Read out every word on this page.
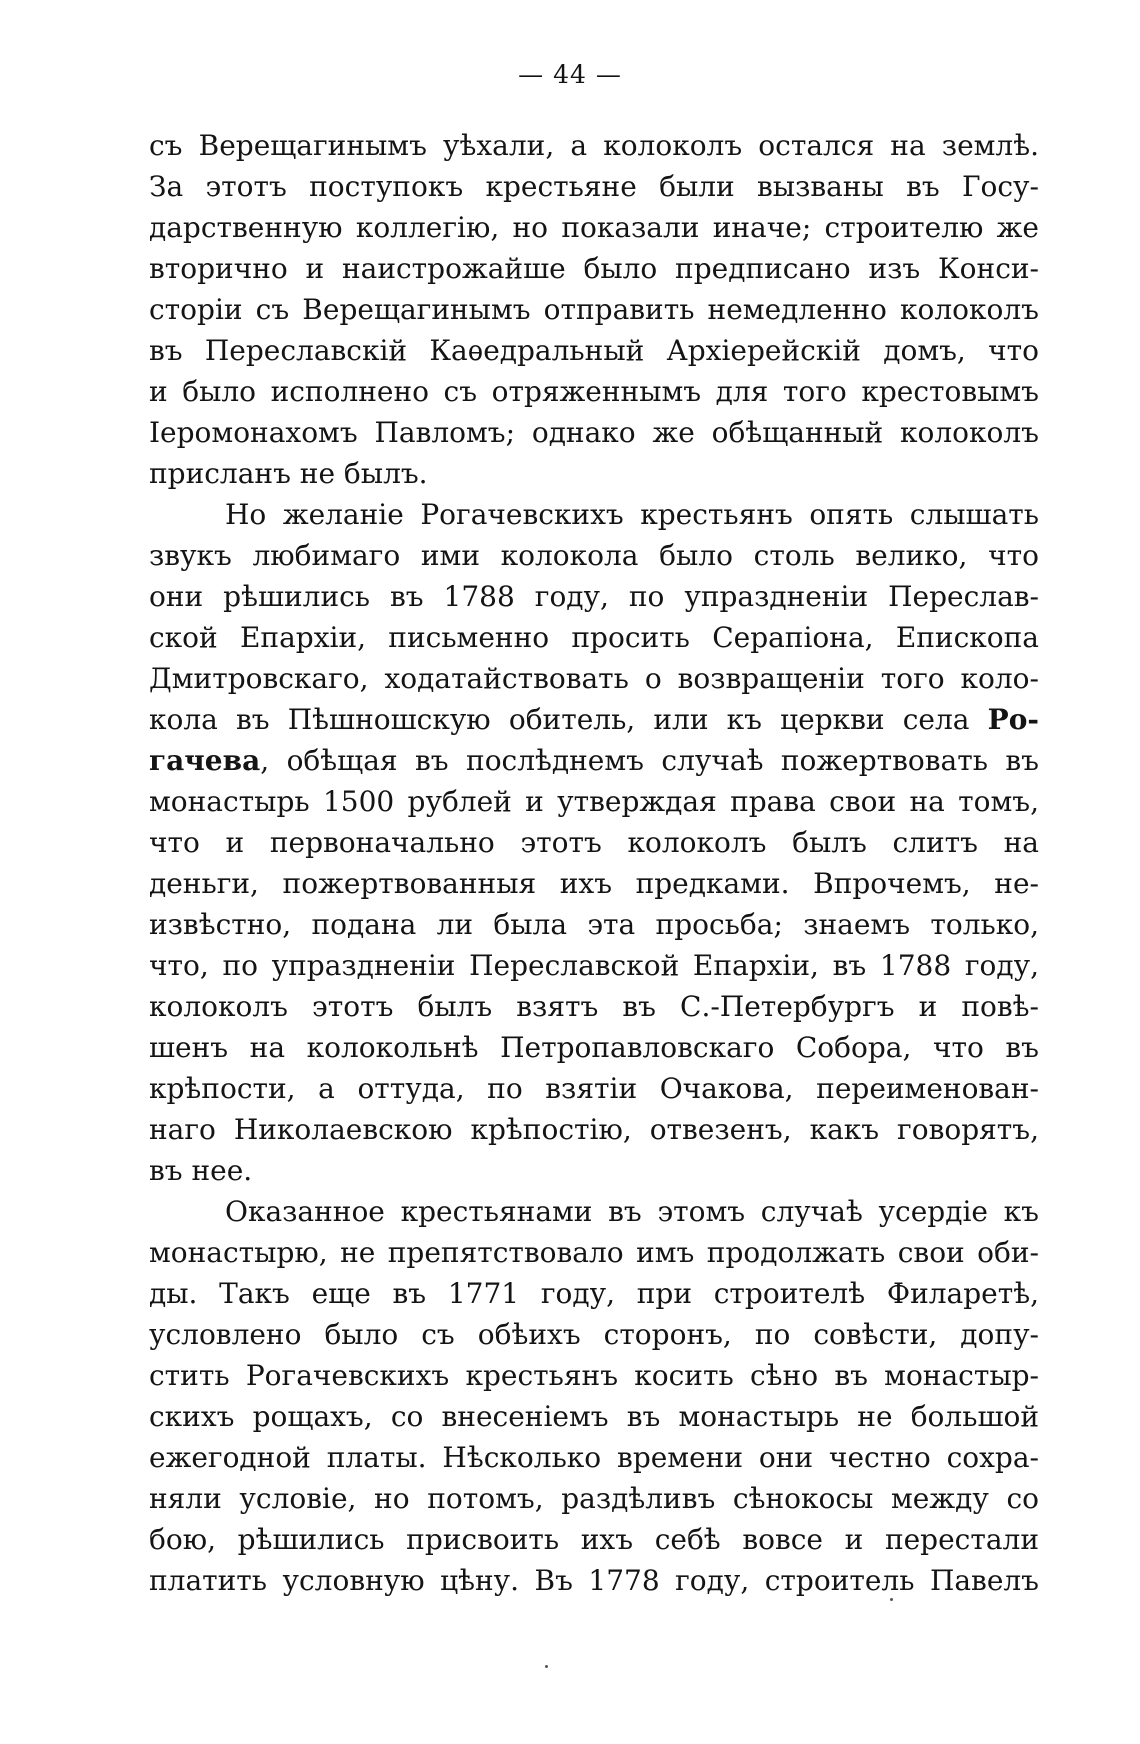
— 44 —
съ Верещагинымъ уѣхали, а колоколъ остался на землѣ.
За этотъ поступокъ крестьяне были вызваны въ Госу-
дарственную коллегію, но показали иначе; строителю же
вторично и наистрожайше было предписано изъ Конси-
сторіи съ Верещагинымъ отправить немедленно колоколъ
въ Переславскій Каѳедральный Архіерейскій домъ, что
и было исполнено съ отряженнымъ для того крестовымъ
Іеромонахомъ Павломъ; однако же обѣщанный колоколъ
присланъ не былъ.
Но желаніе Рогачевскихъ крестьянъ опять слышать
звукъ любимаго ими колокола было столь велико, что
они рѣшились въ 1788 году, по упраздненіи Переслав-
ской Епархіи, письменно просить Серапіона, Епископа
Дмитровскаго, ходатайствовать о возвращеніи того коло-
кола въ Пѣшношскую обитель, или къ церкви села Ро-
гачева, обѣщая въ послѣднемъ случаѣ пожертвовать въ
монастырь 1500 рублей и утверждая права свои на томъ,
что и первоначально этотъ колоколъ былъ слитъ на
деньги, пожертвованныя ихъ предками. Впрочемъ, не-
извѣстно, подана ли была эта просьба; знаемъ только,
что, по упраздненіи Переславской Епархіи, въ 1788 году,
колоколъ этотъ былъ взятъ въ С.-Петербургъ и повѣ-
шенъ на колокольнѣ Петропавловскаго Собора, что въ
крѣпости, а оттуда, по взятіи Очакова, переименован-
наго Николаевскою крѣпостію, отвезенъ, какъ говорятъ,
въ нее.
Оказанное крестьянами въ этомъ случаѣ усердіе къ
монастырю, не препятствовало имъ продолжать свои оби-
ды. Такъ еще въ 1771 году, при строителѣ Филаретѣ,
условлено было съ обѣихъ сторонъ, по совѣсти, допу-
стить Рогачевскихъ крестьянъ косить сѣно въ монастыр-
скихъ рощахъ, со внесеніемъ въ монастырь не большой
ежегодной платы. Нѣсколько времени они честно сохра-
няли условіе, но потомъ, раздѣливъ сѣнокосы между со
бою, рѣшились присвоить ихъ себѣ вовсе и перестали
платить условную цѣну. Въ 1778 году, строитель Павелъ
